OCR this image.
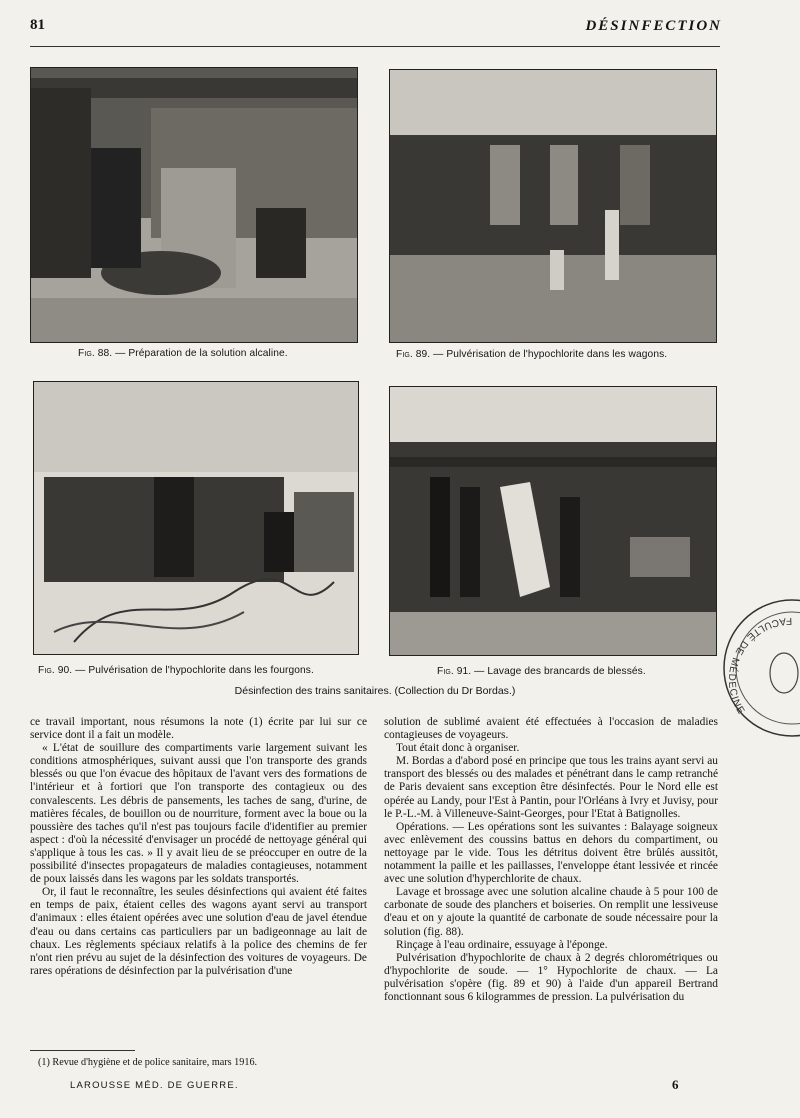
81	DÉSINFECTION
Fig. 88. — Préparation de la solution alcaline.	Fig. 89. — Pulvérisation de l'hypochlorite dans les wagons.
Fig. 90. — Pulvérisation de l'hypochlorite dans les fourgons.	Fig. 91. — Lavage des brancards de blessés.
Désinfection des trains sanitaires. (Collection du Dr Bordas.)
FACULTÉ DE MÉDECINE

ce travail important, nous résumons la note (1) écrite par lui sur ce service dont il a fait un modèle.

« L'état de souillure des compartiments varie largement suivant les conditions atmosphériques, suivant aussi que l'on transporte des grands blessés ou que l'on évacue des hôpitaux de l'avant vers des formations de l'intérieur et à fortiori que l'on transporte des contagieux ou des convalescents. Les débris de pansements, les taches de sang, d'urine, de matières fécales, de bouillon ou de nourriture, forment avec la boue ou la poussière des taches qu'il n'est pas toujours facile d'identifier au premier aspect : d'où la nécessité d'envisager un procédé de nettoyage général qui s'applique à tous les cas. » Il y avait lieu de se préoccuper en outre de la possibilité d'insectes propagateurs de maladies contagieuses, notamment de poux laissés dans les wagons par les soldats transportés.

Or, il faut le reconnaître, les seules désinfections qui avaient été faites en temps de paix, étaient celles des wagons ayant servi au transport d'animaux : elles étaient opérées avec une solution d'eau de javel étendue d'eau ou dans certains cas particuliers par un badigeonnage au lait de chaux. Les règlements spéciaux relatifs à la police des chemins de fer n'ont rien prévu au sujet de la désinfection des voitures de voyageurs. De rares opérations de désinfection par la pulvérisation d'une

solution de sublimé avaient été effectuées à l'occasion de maladies contagieuses de voyageurs.

Tout était donc à organiser.

M. Bordas a d'abord posé en principe que tous les trains ayant servi au transport des blessés ou des malades et pénétrant dans le camp retranché de Paris devaient sans exception être désinfectés. Pour le Nord elle est opérée au Landy, pour l'Est à Pantin, pour l'Orléans à Ivry et Juvisy, pour le P.-L.-M. à Villeneuve-Saint-Georges, pour l'Etat à Batignolles.

Opérations. — Les opérations sont les suivantes : Balayage soigneux avec enlèvement des coussins battus en dehors du compartiment, ou nettoyage par le vide. Tous les détritus doivent être brûlés aussitôt, notamment la paille et les paillasses, l'enveloppe étant lessivée et rincée avec une solution d'hyperchlorite de chaux.

Lavage et brossage avec une solution alcaline chaude à 5 pour 100 de carbonate de soude des planchers et boiseries. On remplit une lessiveuse d'eau et on y ajoute la quantité de carbonate de soude nécessaire pour la solution (fig. 88).

Rinçage à l'eau ordinaire, essuyage à l'éponge.

Pulvérisation d'hypochlorite de chaux à 2 degrés chlorométriques ou d'hypochlorite de soude. — 1° Hypochlorite de chaux. — La pulvérisation s'opère (fig. 89 et 90) à l'aide d'un appareil Bertrand fonctionnant sous 6 kilogrammes de pression. La pulvérisation du

(1) Revue d'hygiène et de police sanitaire, mars 1916.
LAROUSSE MÉD. DE GUERRE.	6
